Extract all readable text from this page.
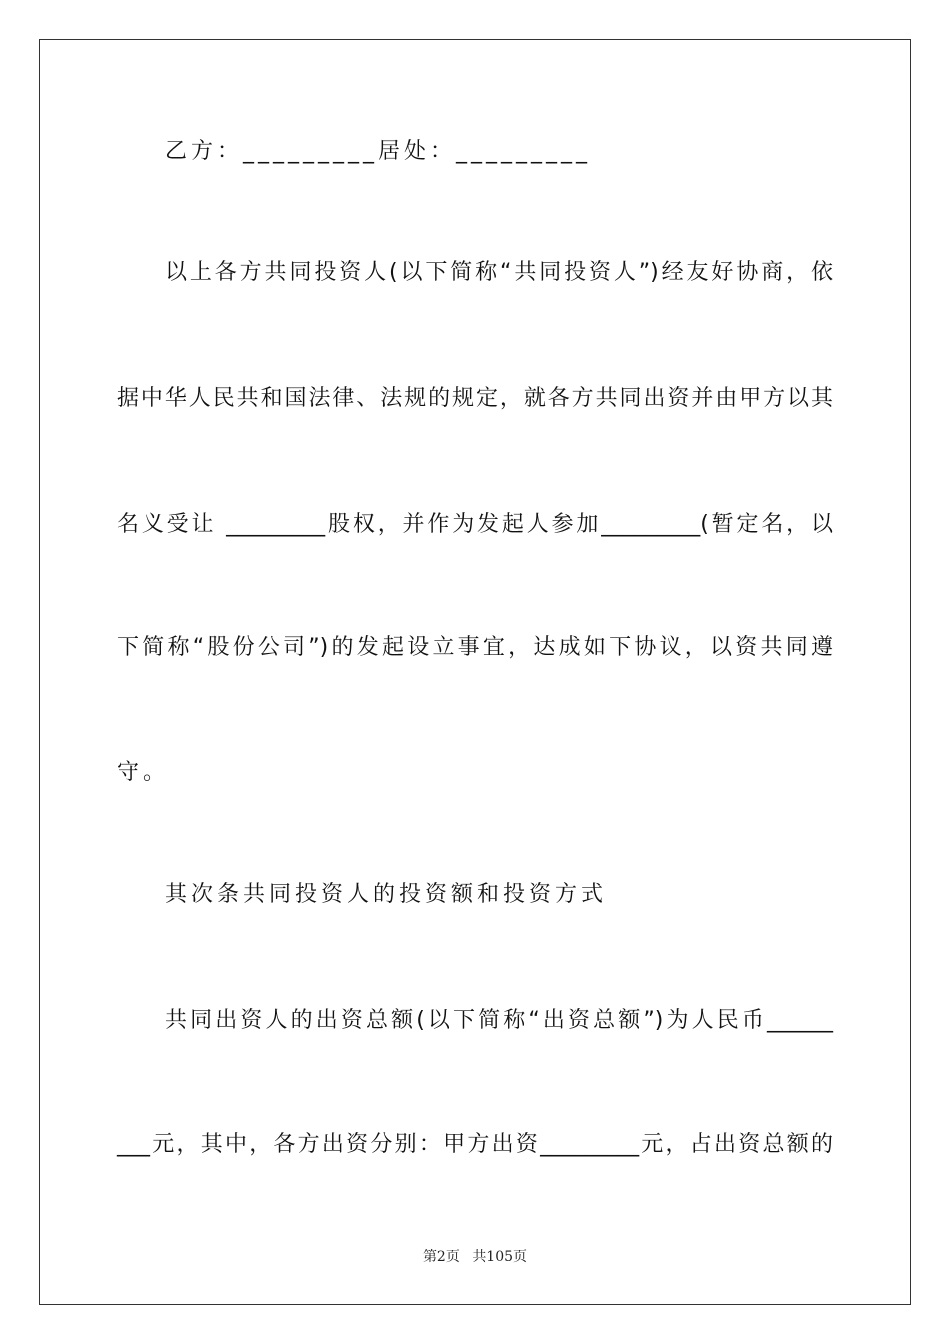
乙方：_________居处：_________
以上各方共同投资人(以下简称“共同投资人”)经友好协商，依
据中华人民共和国法律、法规的规定，就各方共同出资并由甲方以其
名义受让 _________股权，并作为发起人参加_________(暂定名，以
下简称“股份公司”)的发起设立事宜，达成如下协议，以资共同遵
守。
其次条共同投资人的投资额和投资方式
共同出资人的出资总额(以下简称“出资总额”)为人民币______
___元，其中，各方出资分别：甲方出资_________元，占出资总额的
第2页 共105页
